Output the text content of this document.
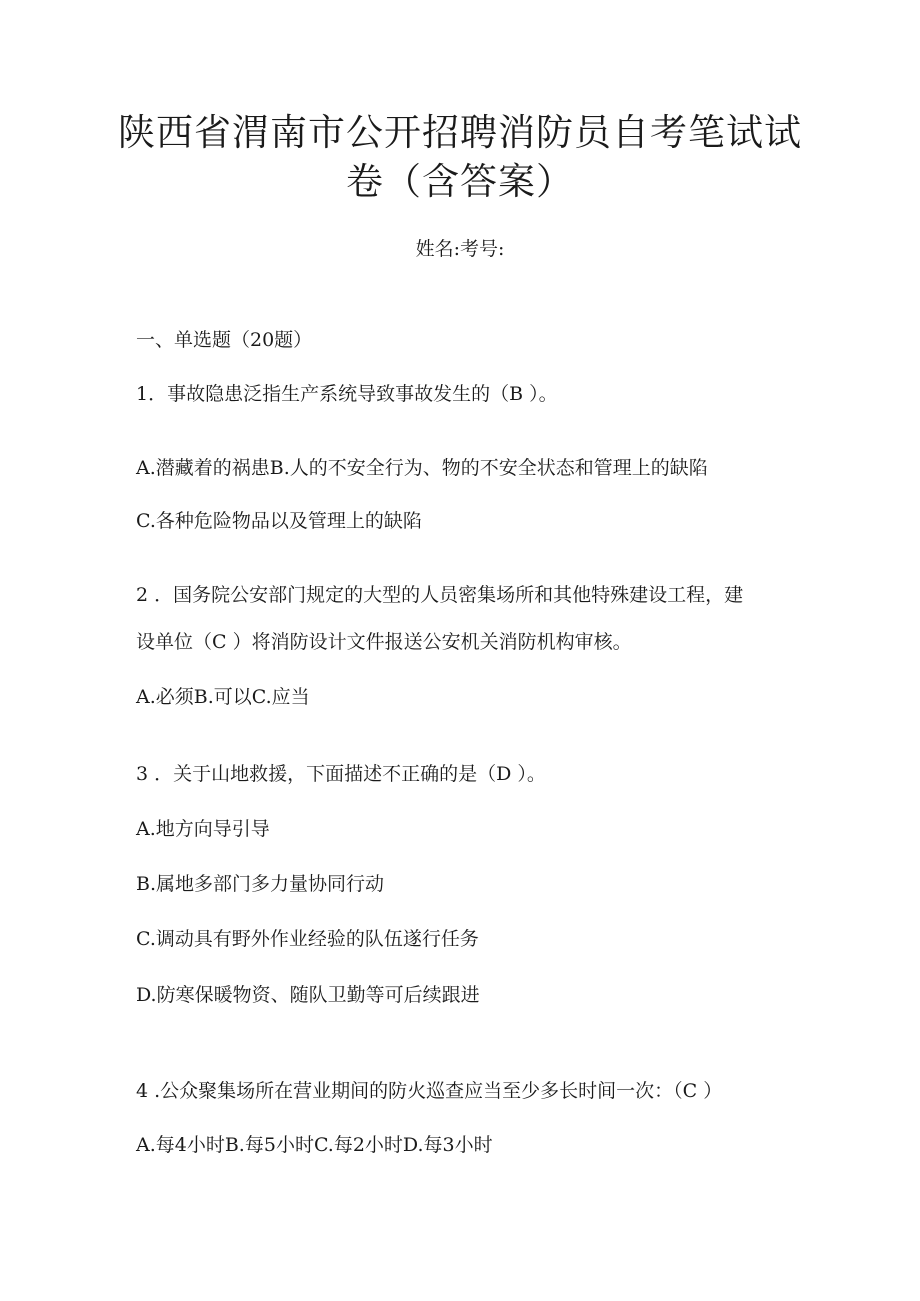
陕西省渭南市公开招聘消防员自考笔试试
卷（含答案）
姓名:考号:
一、单选题（20题）
1．事故隐患泛指生产系统导致事故发生的（B ）。
A.潜藏着的祸患B.人的不安全行为、物的不安全状态和管理上的缺陷
C.各种危险物品以及管理上的缺陷
2 ．国务院公安部门规定的大型的人员密集场所和其他特殊建设工程，建
设单位（C ）将消防设计文件报送公安机关消防机构审核。
A.必须B.可以C.应当
3 ．关于山地救援，下面描述不正确的是（D ）。
A.地方向导引导
B.属地多部门多力量协同行动
C.调动具有野外作业经验的队伍遂行任务
D.防寒保暖物资、随队卫勤等可后续跟进
4 .公众聚集场所在营业期间的防火巡查应当至少多长时间一次：（C ）
A.每4小时B.每5小时C.每2小时D.每3小时
